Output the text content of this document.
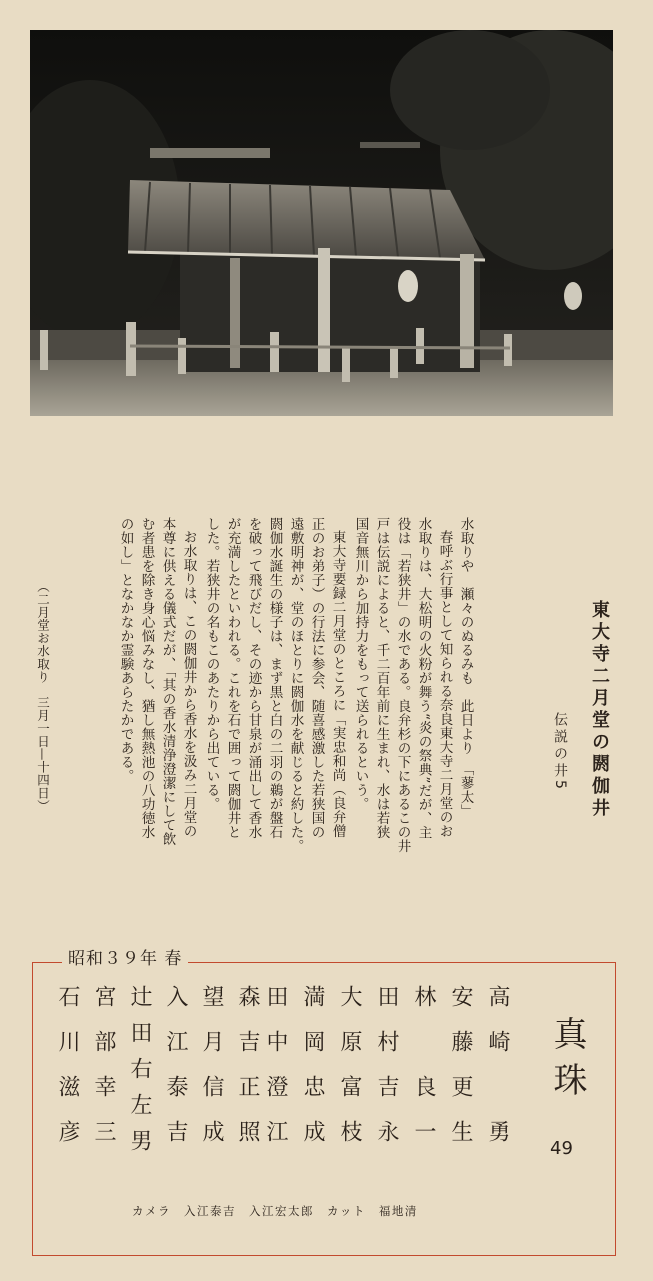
東大寺二月堂の閼伽井
伝説の井5
水取りや　瀬々のぬるみも　此日より　「蓼太」
春呼ぶ行事として知られる奈良東大寺二月堂のお
水取りは、大松明の火粉が舞う“炎の祭典”だが、主
役は「若狭井」の水である。良弁杉の下にあるこの井
戸は伝説によると、千二百年前に生まれ、水は若狭
国音無川から加持力をもって送られるという。
東大寺要録二月堂のところに「実忠和尚（良弁僧
正のお弟子）の行法に参会、随喜感激した若狭国の
遠敷明神が、堂のほとりに閼伽水を献じると約した。
閼伽水誕生の様子は、まず黒と白の二羽の鵜が盤石
を破って飛びだし、その迹から甘泉が涌出して香水
が充満したといわれる。これを石で囲って閼伽井と
した。若狭井の名もこのあたりから出ている。
お水取りは、この閼伽井から香水を汲み二月堂の
本尊に供える儀式だが、「其の香水清浄澄潔にして飲
む者患を除き身心悩みなし、猶し無熱池の八功徳水
の如し」となかなか霊験あらたかである。
（二月堂お水取り　三月一日—十四日）
昭和３９年 春
真珠
49
高崎　勇
安藤更生
林　良一
田村吉永
大原富枝
満岡忠成
田中澄江
森吉正照
望月信成
入江泰吉
辻田右左男
宮部幸三
石川滋彦
カメラ　入江泰吉　入江宏太郎　カット　福地清
